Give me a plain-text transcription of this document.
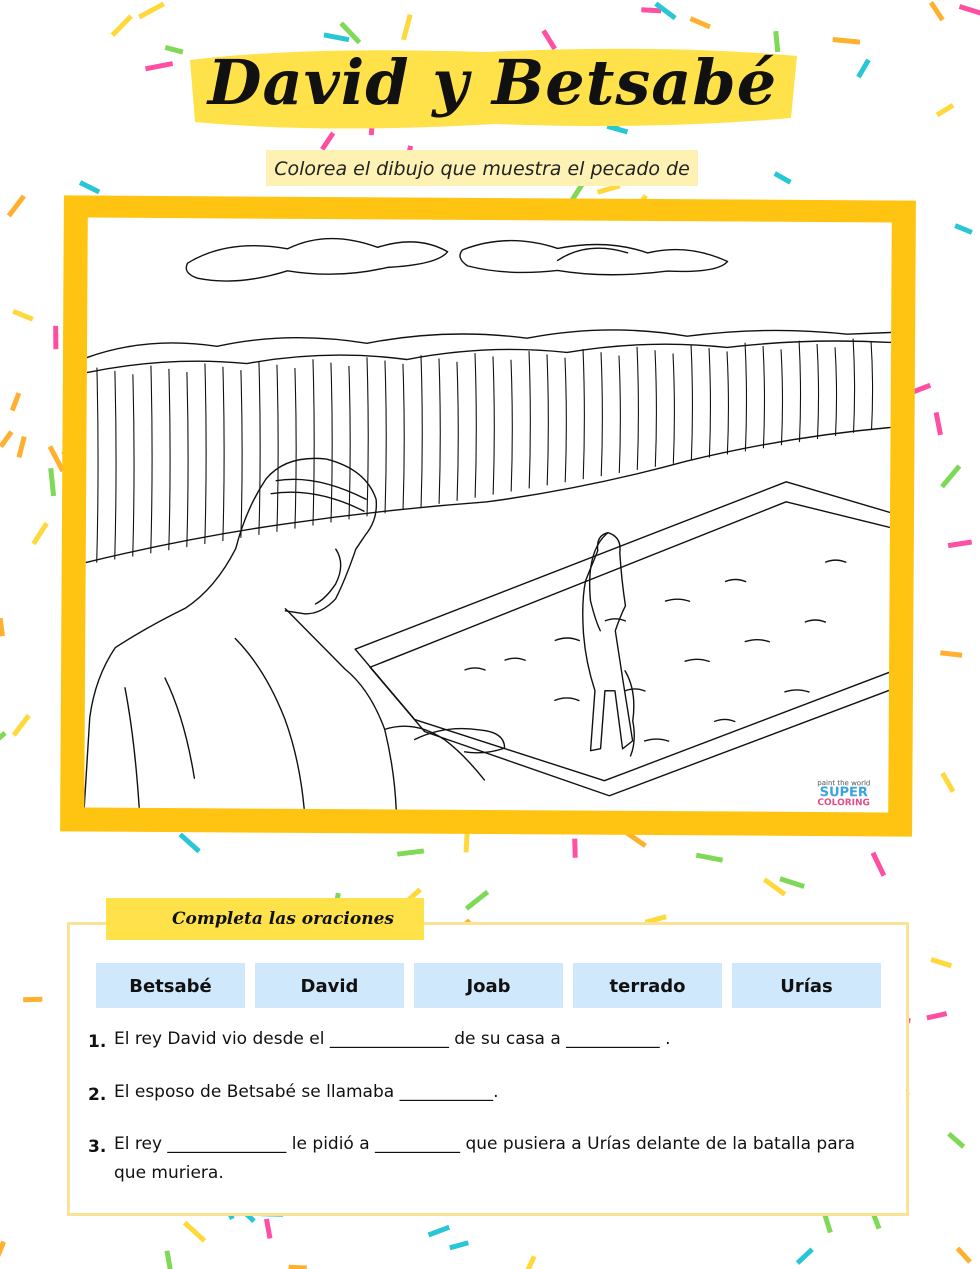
David y Betsabé
Colorea el dibujo que muestra el pecado de
paint the world
SUPER
COLORING
Completa las oraciones
Betsabé	David	Joab	terrado	Urías
1. El rey David vio desde el ______________ de su casa a ___________ .
2. El esposo de Betsabé se llamaba ___________.
3. El rey ______________ le pidió a __________ que pusiera a Urías delante de la batalla para que muriera.
